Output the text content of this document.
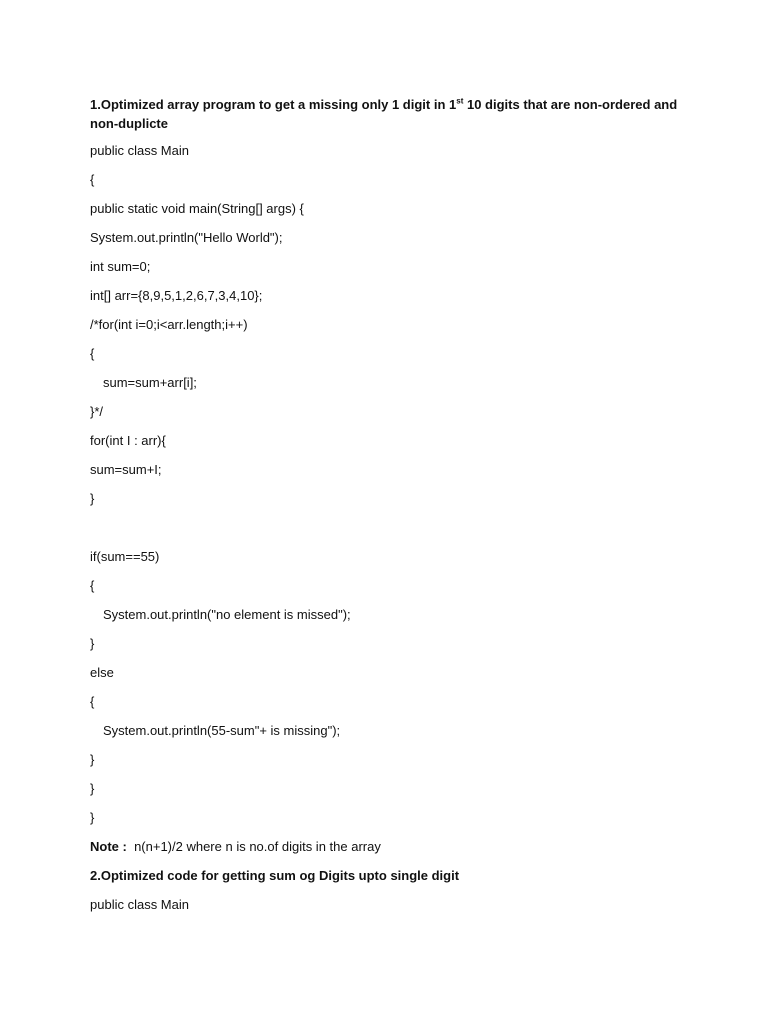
1.Optimized array program to get a missing only 1 digit in 1st 10 digits that are non-ordered and non-duplicte
public class Main
{
public static void main(String[] args) {
System.out.println("Hello World");
int sum=0;
int[] arr={8,9,5,1,2,6,7,3,4,10};
/*for(int i=0;i<arr.length;i++)
{
sum=sum+arr[i];
}*/
for(int I : arr){
sum=sum+I;
}
if(sum==55)
{
System.out.println("no element is missed");
}
else
{
System.out.println(55-sum"+ is missing");
}
}
}
Note :  n(n+1)/2 where n is no.of digits in the array
2.Optimized code for getting sum og Digits upto single digit
public class Main
